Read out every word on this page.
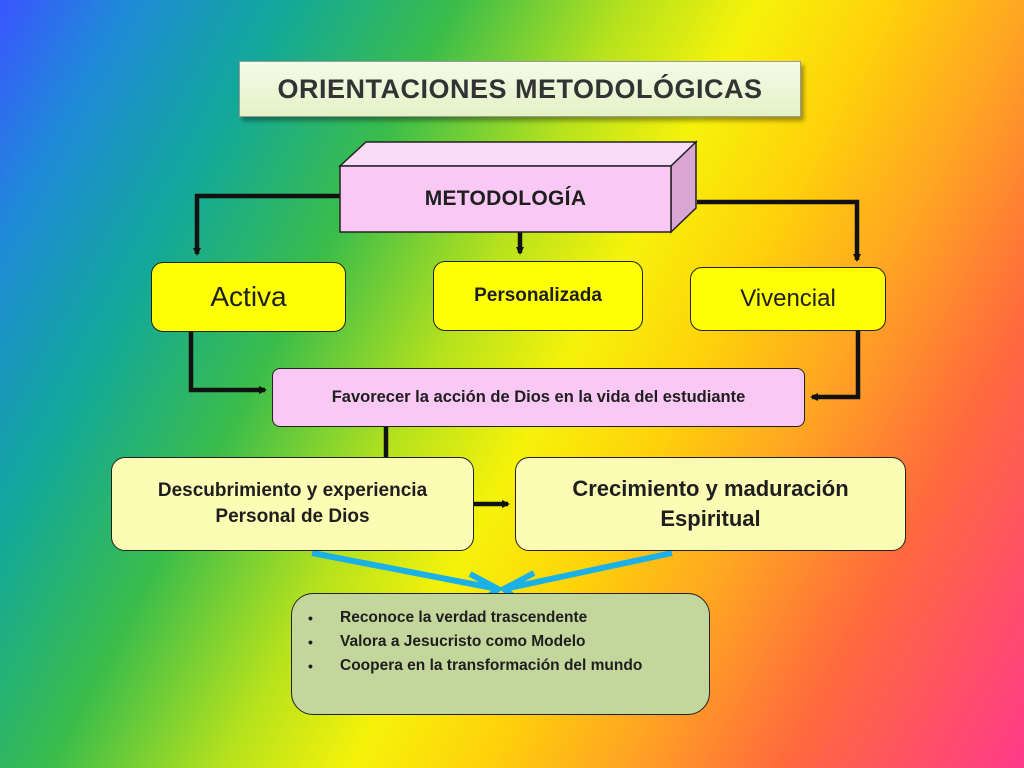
ORIENTACIONES METODOLÓGICAS
METODOLOGÍA
Activa	Personalizada	Vivencial
Favorecer la acción de Dios en la vida del estudiante
Descubrimiento y experiencia
Personal de Dios
Crecimiento y maduración
Espiritual
•	Reconoce la verdad trascendente
•	Valora a Jesucristo como Modelo
•	Coopera en la transformación del mundo
